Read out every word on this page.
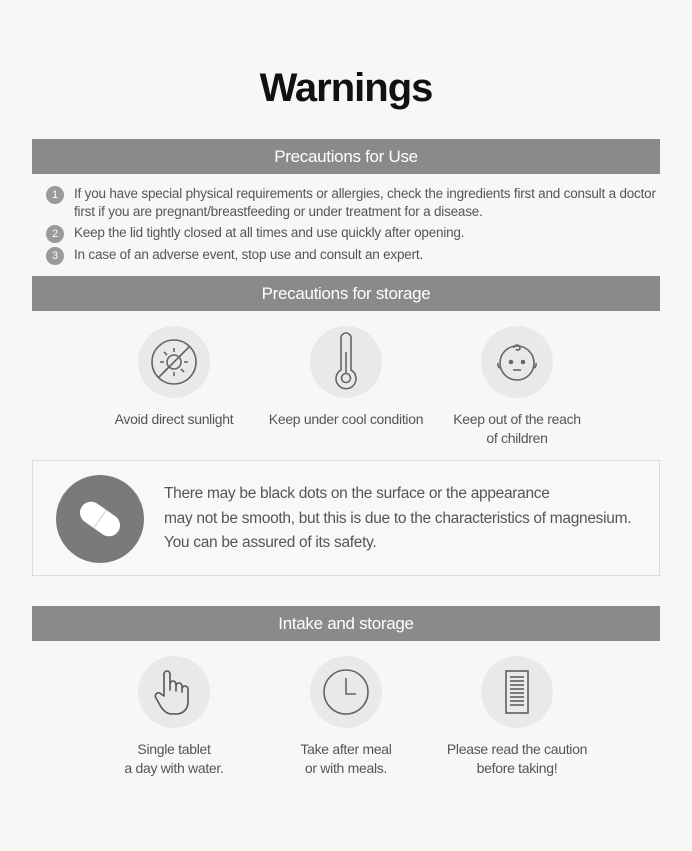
Warnings
Precautions for Use
1	If you have special physical requirements or allergies, check the ingredients first and consult a doctor
first if you are pregnant/breastfeeding or under treatment for a disease.
2	Keep the lid tightly closed at all times and use quickly after opening.
3	In case of an adverse event, stop use and consult an expert.
Precautions for storage
Avoid direct sunlight	Keep under cool condition	Keep out of the reach
of children
There may be black dots on the surface or the appearance
may not be smooth, but this is due to the characteristics of magnesium.
You can be assured of its safety.
Intake and storage
Single tablet
a day with water.
Take after meal
or with meals.
Please read the caution
before taking!
